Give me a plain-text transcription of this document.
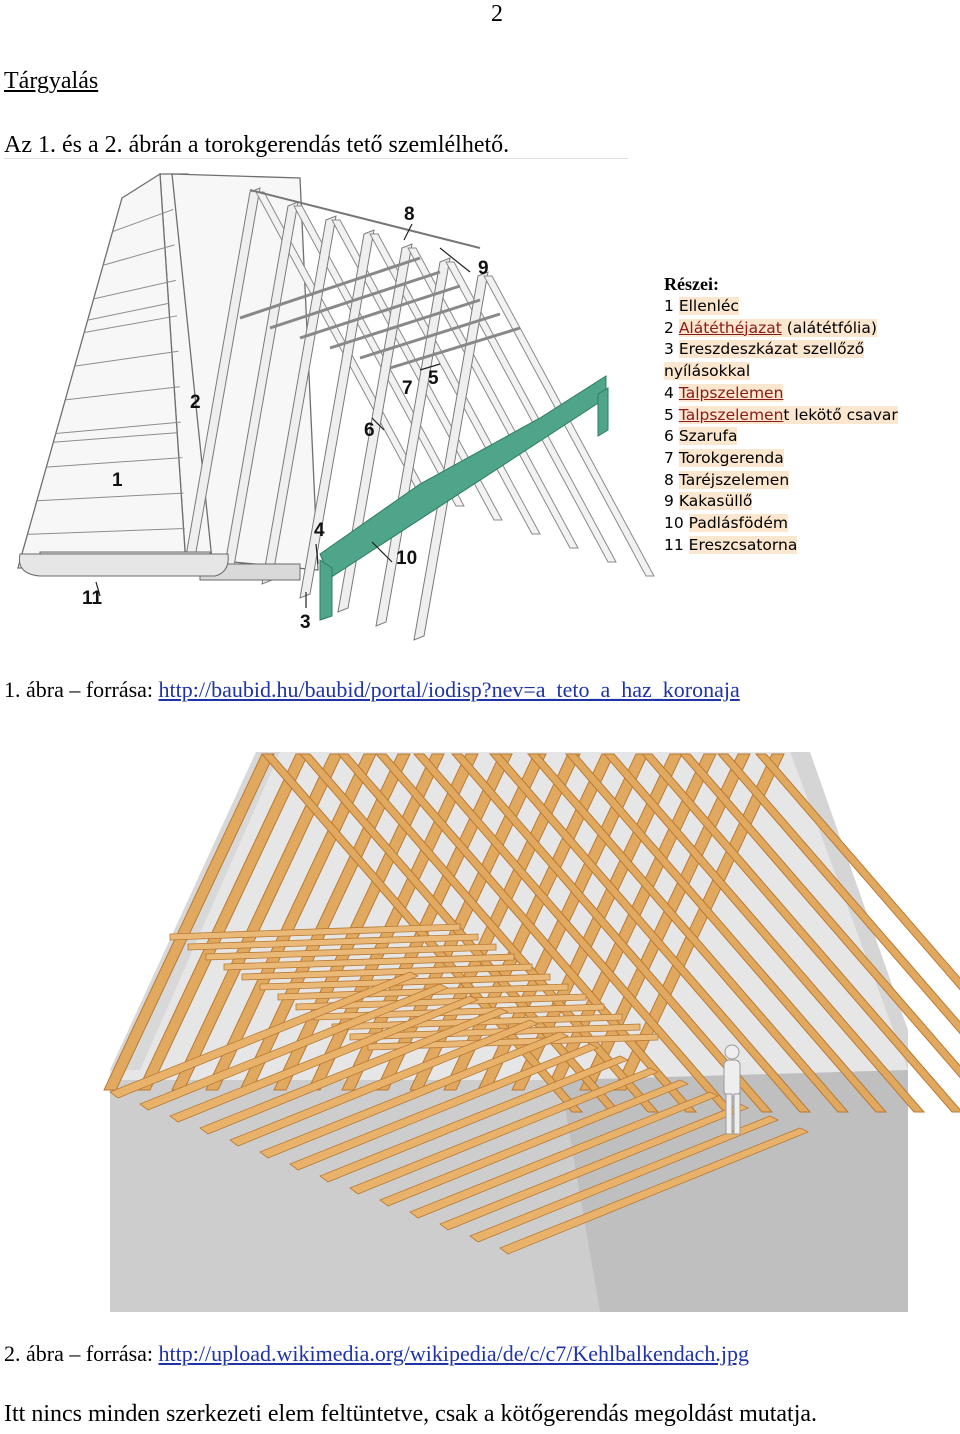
2
Tárgyalás
Az 1. és a 2. ábrán a torokgerendás tető szemlélhető.
1
2
3
4
5
6
7
8
9
10
11
Részei:
1 Ellenléc
2 Alátéthéjazat (alátétfólia)
3 Ereszdeszkázat szellőző
nyílásokkal
4 Talpszelemen
5 Talpszelement lekötő csavar
6 Szarufa
7 Torokgerenda
8 Taréjszelemen
9 Kakasüllő
10 Padlásfödém
11 Ereszcsatorna
1. ábra – forrása: http://baubid.hu/baubid/portal/iodisp?nev=a_teto_a_haz_koronaja
2. ábra – forrása: http://upload.wikimedia.org/wikipedia/de/c/c7/Kehlbalkendach.jpg
Itt nincs minden szerkezeti elem feltüntetve, csak a kötőgerendás megoldást mutatja.
